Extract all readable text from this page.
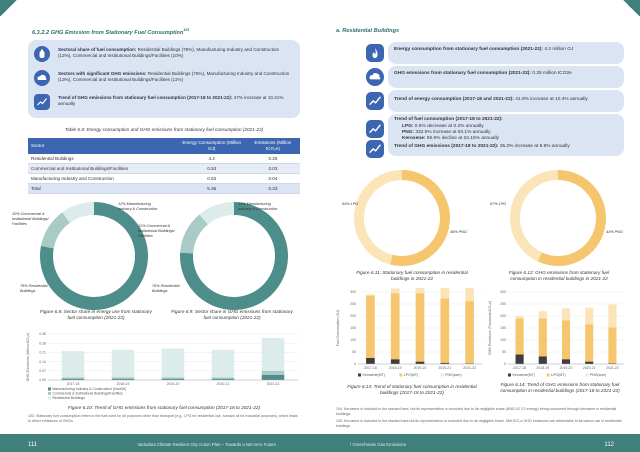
6.3.2.2 GHG Emission from Stationary Fuel Consumption$^{103}$
Sectoral share of fuel consumption: Residential Buildings (78%), Manufacturing Industry and Construction (12%), Commercial and Institutional Buildings/Facilities (10%)
Sectors with significant GHG emissions: Residential Buildings (76%), Manufacturing Industry and Construction (13%), Commercial and Institutional Buildings/Facilities (11%)
Trend of GHG emissions from stationary fuel consumption (2017-18 to 2021-22): 47% increase at 10.21% annually
Table 6.6: Energy consumption and GHG emissions from stationary fuel consumption (2021-22)
Sector	Energy Consumption (Million GJ)	Emissions (Million tCO₂e)
Residential Buildings	4.2	0.25
Commercial and Institutional Buildings/Facilities	0.53	0.03
Manufacturing Industry and Construction	0.63	0.04
Total	5.36	0.33
12% Manufacturing Industry & Construction
10% Commercial & Institutional Buildings/ Facilities
78% Residential Buildings
Figure 6.8: Sector share in energy use from stationary fuel consumption (2021-22)
13% Manufacturing Industry & Construction
11% Commercial & Institutional Buildings/ Facilities
76% Residential Buildings
Figure 6.9: Sector share in GHG emissions from stationary fuel consumption (2021-22)
0.00
0.07
0.14
0.21
0.28
0.35
2017-18	2018-19	2019-20	2020-21	2021-22
GHG Emissions (Million tCO₂e)
Manufacturing Industry & Construction (NonOil)
Commercial & Institutional Buildings/Facilities
Residential Buildings
Figure 6.10: Trend of GHG emissions from stationary fuel consumption (2017-18 to 2021-22)
103. Stationary fuel consumption refers to the fuel used for all purposes other than transport (e.g., LPG for residential use, furnace oil for industrial purposes), which leads to direct emissions of GHGs.
111	Vadodara Climate Resilient City Action Plan – Towards a Net-zero Future
a. Residential Buildings
Energy consumption from stationary fuel consumption (2021-22): 4.2 million GJ
GHG emissions from stationary fuel consumption (2021-22): 0.25 million tCO2e
Trend of energy consumption (2017-18 and 2021-22): 41.6% increase at 10.4% annually
Trend of fuel consumption (2017-18 to 2021-22):
LPG: 0.6% decrease at 0.2% annually
PNG: 332.5% increase at 83.1% annually
Kerosene: 96.6% decline at 24.15% annually
Trend of GHG emissions (2017-18 to 2021-22): 35.2% increase at 8.8% annually
54% LPG
46% PNG
Figure 6.11: Stationary fuel consumption in residential buildings in 2021-22
57% LPG
43% PNG
Figure 6.12: GHG emissions from stationary fuel consumption in residential buildings in 2021-22
0
50
100
150
200
250
300
2017-18	2018-19	2019-20	2020-21	2021-22
Fuel Consumption (GJ)
Kerosene(MT)	LPG(MT)	PNG(scm)
Figure 6.13: Trend of stationary fuel consumption in residential buildings (2017-18 to 2021-22)
0
50
100
150
200
250
300
2017-18	2018-19	2019-20	2020-21	2021-22
GHG Emissions (Thousand tCO₂e)
Kerosene(MT)	LPG(MT)	PNG(scm)
Figure 6.14: Trend of GHG emissions from stationary fuel consumption in residential buildings (2017-18 to 2021-22)
104. Kerosene is included in the stacked bars, but its representation is excluded due to its negligible share (8081.02 GJ energy) being consumed through kerosene in residential buildings.
105. Kerosene is included in the stacked bars but its representation is excluded due to its negligible share. 589 tCO₂e GHG emissions are attributable to kerosene use in residential buildings.
/ Greenhouse Gas Emissions	112
